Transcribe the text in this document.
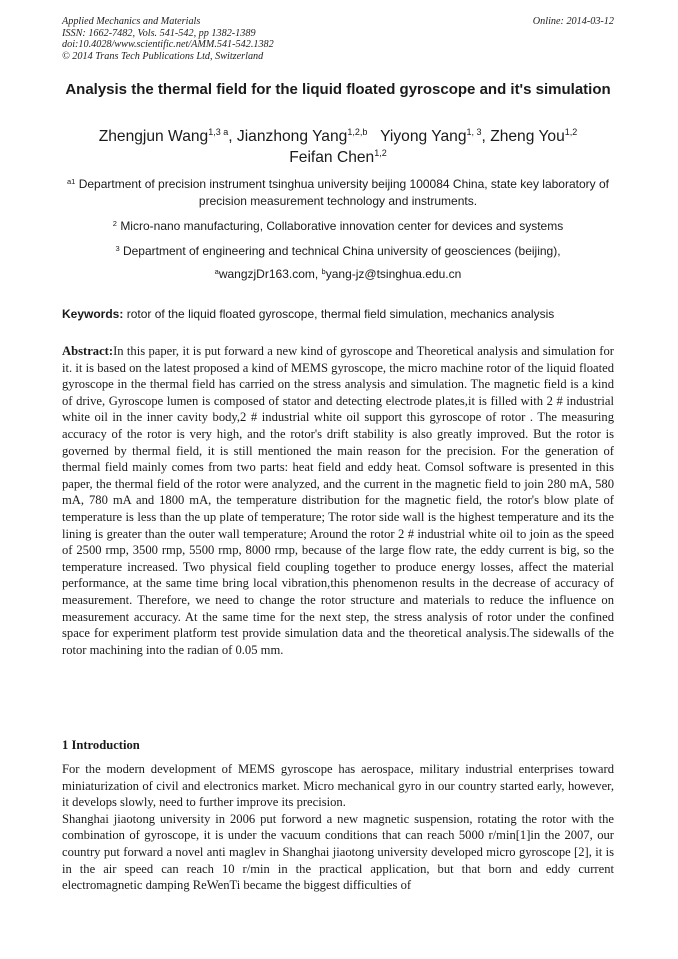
Applied Mechanics and Materials
ISSN: 1662-7482, Vols. 541-542, pp 1382-1389
doi:10.4028/www.scientific.net/AMM.541-542.1382
© 2014 Trans Tech Publications Ltd, Switzerland
Online: 2014-03-12
Analysis the thermal field for the liquid floated gyroscope and it's simulation
Zhengjun Wang$^{1,3 a}$, Jianzhong Yang$^{1,2,b}$ Yiyong Yang$^{1, 3}$, Zheng You$^{1,2}$
Feifan Chen$^{1,2}$
$^{a1}$ Department of precision instrument tsinghua university beijing 100084 China, state key laboratory of precision measurement technology and instruments.
$^2$ Micro-nano manufacturing, Collaborative innovation center for devices and systems
$^3$ Department of engineering and technical China university of geosciences (beijing),
$^a$wangzjDr163.com, $^b$yang-jz@tsinghua.edu.cn
Keywords: rotor of the liquid floated gyroscope, thermal field simulation, mechanics analysis

Abstract:In this paper, it is put forward a new kind of gyroscope and Theoretical analysis and simulation for it. it is based on the latest proposed a kind of MEMS gyroscope, the micro machine rotor of the liquid floated gyroscope in the thermal field has carried on the stress analysis and simulation. The magnetic field is a kind of drive, Gyroscope lumen is composed of stator and detecting electrode plates,it is filled with 2 # industrial white oil in the inner cavity body,2 # industrial white oil support this gyroscope of rotor . The measuring accuracy of the rotor is very high, and the rotor's drift stability is also greatly improved. But the rotor is governed by thermal field, it is still mentioned the main reason for the precision. For the generation of thermal field mainly comes from two parts: heat field and eddy heat. Comsol software is presented in this paper, the thermal field of the rotor were analyzed, and the current in the magnetic field to join 280 mA, 580 mA, 780 mA and 1800 mA, the temperature distribution for the magnetic field, the rotor's blow plate of temperature is less than the up plate of temperature; The rotor side wall is the highest temperature and its the lining is greater than the outer wall temperature; Around the rotor 2 # industrial white oil to join as the speed of 2500 rmp, 3500 rmp, 5500 rmp, 8000 rmp, because of the large flow rate, the eddy current is big, so the temperature increased. Two physical field coupling together to produce energy losses, affect the material performance, at the same time bring local vibration,this phenomenon results in the decrease of accuracy of measurement. Therefore, we need to change the rotor structure and materials to reduce the influence on measurement accuracy. At the same time for the next step, the stress analysis of rotor under the confined space for experiment platform test provide simulation data and the theoretical analysis.The sidewalls of the rotor machining into the radian of 0.05 mm.

1 Introduction

For the modern development of MEMS gyroscope has aerospace, military industrial enterprises toward miniaturization of civil and electronics market. Micro mechanical gyro in our country started early, however, it develops slowly, need to further improve its precision.

Shanghai jiaotong university in 2006 put forword a new magnetic suspension, rotating the rotor with the combination of gyroscope, it is under the vacuum conditions that can reach 5000 r/min[1]in the 2007, our country put forward a novel anti maglev in Shanghai jiaotong university developed micro gyroscope [2], it is in the air speed can reach 10 r/min in the practical application, but that born and eddy current electromagnetic damping ReWenTi became the biggest difficulties of
